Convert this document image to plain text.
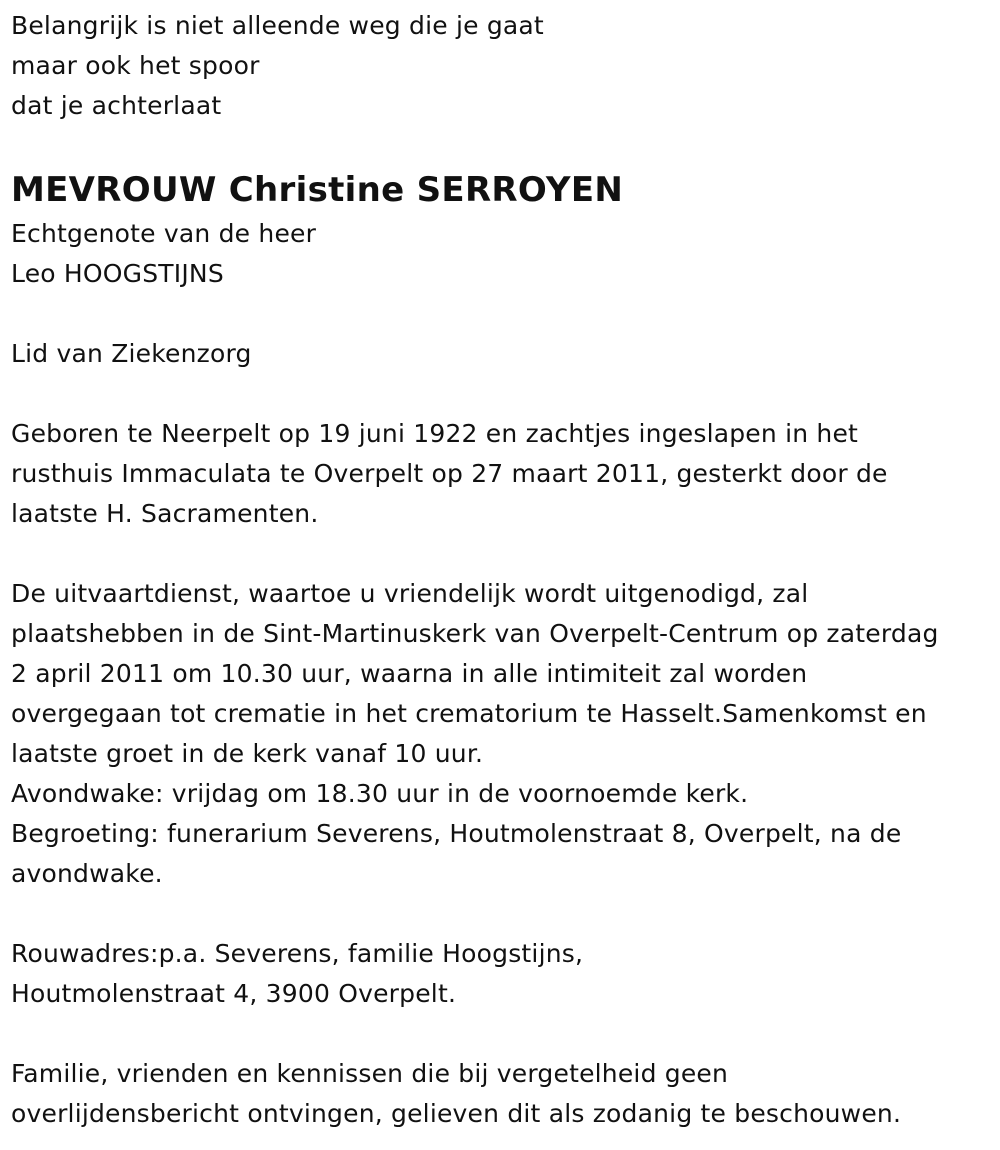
Belangrijk is niet alleende weg die je gaat
maar ook het spoor
dat je achterlaat
MEVROUW Christine SERROYEN
Echtgenote van de heer
Leo HOOGSTIJNS
Lid van Ziekenzorg
Geboren te Neerpelt op 19 juni 1922 en zachtjes ingeslapen in het
rusthuis Immaculata te Overpelt op 27 maart 2011, gesterkt door de
laatste H. Sacramenten.
De uitvaartdienst, waartoe u vriendelijk wordt uitgenodigd, zal
plaatshebben in de Sint-Martinuskerk van Overpelt-Centrum op zaterdag
2 april 2011 om 10.30 uur, waarna in alle intimiteit zal worden
overgegaan tot crematie in het crematorium te Hasselt.Samenkomst en
laatste groet in de kerk vanaf 10 uur.
Avondwake: vrijdag om 18.30 uur in de voornoemde kerk.
Begroeting: funerarium Severens, Houtmolenstraat 8, Overpelt, na de
avondwake.
Rouwadres:p.a. Severens, familie Hoogstijns,
Houtmolenstraat 4, 3900 Overpelt.
Familie, vrienden en kennissen die bij vergetelheid geen
overlijdensbericht ontvingen, gelieven dit als zodanig te beschouwen.
